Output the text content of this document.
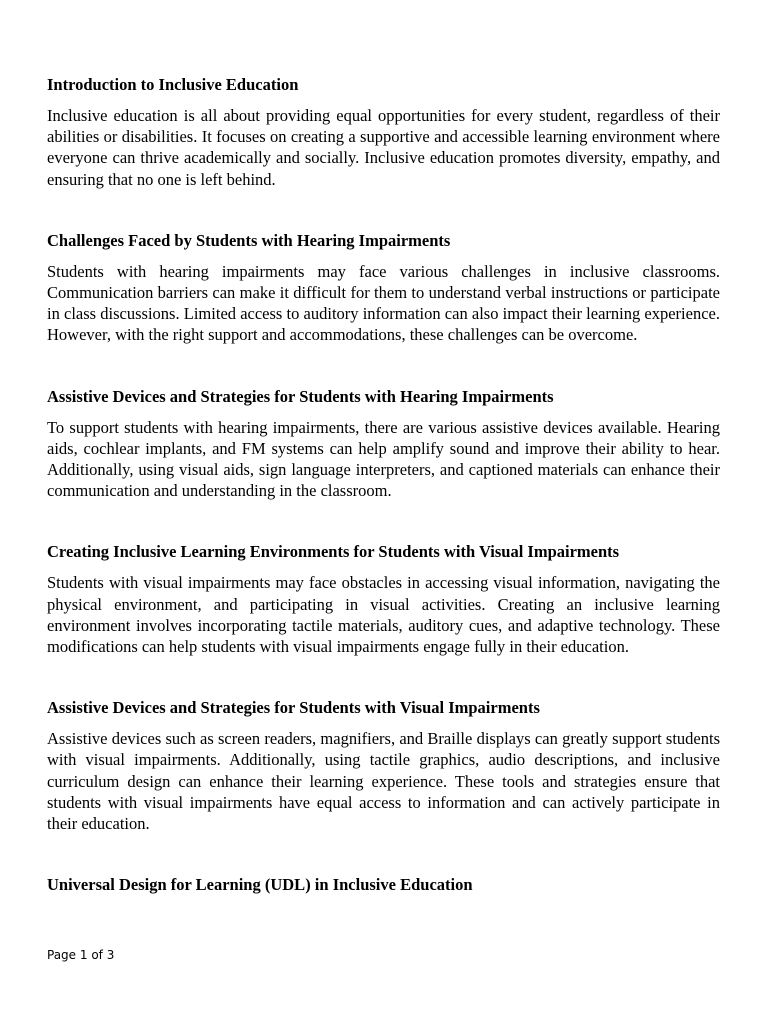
Introduction to Inclusive Education

Inclusive education is all about providing equal opportunities for every student, regardless of their abilities or disabilities. It focuses on creating a supportive and accessible learning environment where everyone can thrive academically and socially. Inclusive education promotes diversity, empathy, and ensuring that no one is left behind.

Challenges Faced by Students with Hearing Impairments

Students with hearing impairments may face various challenges in inclusive classrooms. Communication barriers can make it difficult for them to understand verbal instructions or participate in class discussions. Limited access to auditory information can also impact their learning experience. However, with the right support and accommodations, these challenges can be overcome.

Assistive Devices and Strategies for Students with Hearing Impairments

To support students with hearing impairments, there are various assistive devices available. Hearing aids, cochlear implants, and FM systems can help amplify sound and improve their ability to hear. Additionally, using visual aids, sign language interpreters, and captioned materials can enhance their communication and understanding in the classroom.

Creating Inclusive Learning Environments for Students with Visual Impairments

Students with visual impairments may face obstacles in accessing visual information, navigating the physical environment, and participating in visual activities. Creating an inclusive learning environment involves incorporating tactile materials, auditory cues, and adaptive technology. These modifications can help students with visual impairments engage fully in their education.

Assistive Devices and Strategies for Students with Visual Impairments

Assistive devices such as screen readers, magnifiers, and Braille displays can greatly support students with visual impairments. Additionally, using tactile graphics, audio descriptions, and inclusive curriculum design can enhance their learning experience. These tools and strategies ensure that students with visual impairments have equal access to information and can actively participate in their education.

Universal Design for Learning (UDL) in Inclusive Education
Page 1 of 3
